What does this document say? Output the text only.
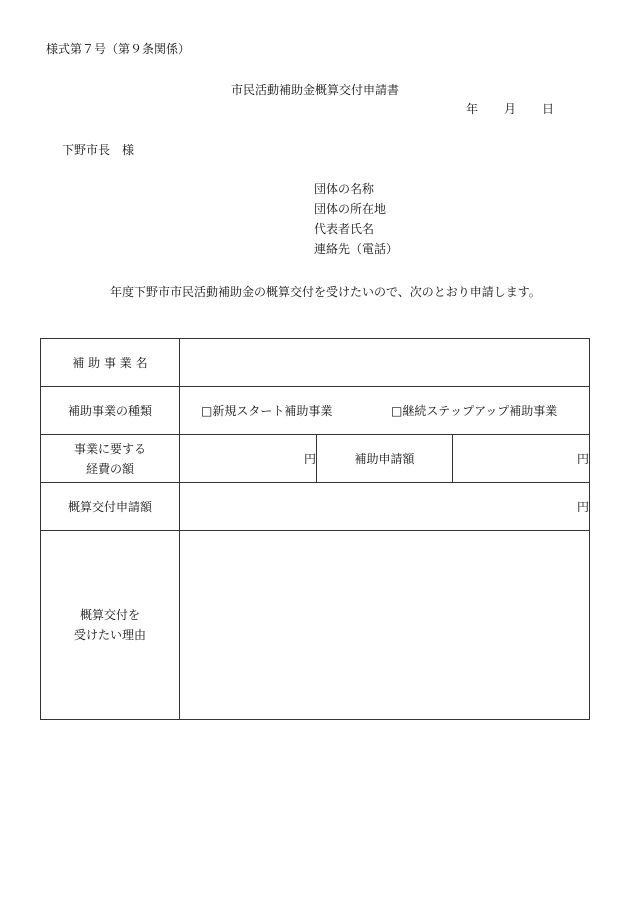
様式第７号（第９条関係）
市民活動補助金概算交付申請書
年 月 日
下野市長　様
団体の名称
団体の所在地
代表者氏名
連絡先（電話）
年度下野市市民活動補助金の概算交付を受けたいので、次のとおり申請します。
補 助 事 業 名			
補助事業の種類	□新規スタート補助事業 □継続ステップアップ補助事業		

事業に要する
経費の額	円	補助申請額	円
概算交付申請額	円		

概算交付を
受けたい理由			
